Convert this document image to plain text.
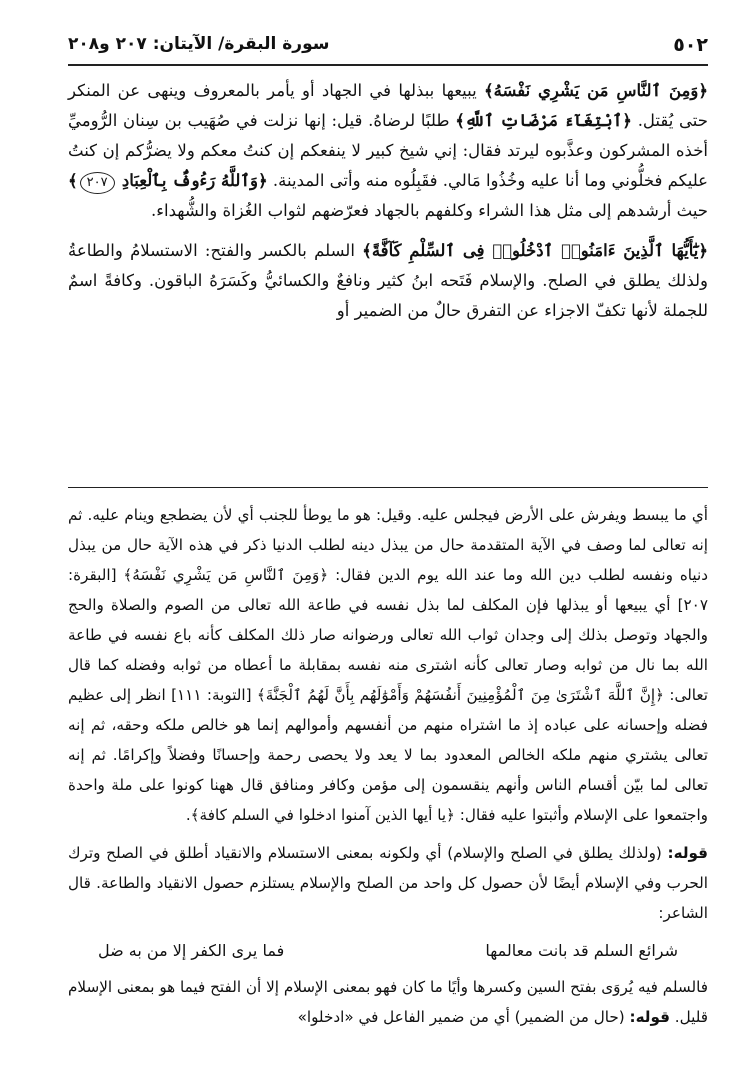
٥٠٢
سورة البقرة/ الآيتان: ٢٠٧ و٢٠٨

﴿وَمِنَ ٱلنَّاسِ مَن يَشْرِي نَفْسَهُ﴾ يبيعها ببذلها في الجهاد أو يأمر بالمعروف وينهى عن المنكر حتى يُقتل. ﴿ٱبْتِغَآءَ مَرْضَاتِ ٱللَّهِ﴾ طلبًا لرضاهُ. قيل: إنها نزلت في صُهَيب بن سِنان الرُّوميِّ أخذه المشركون وعذَّبوه ليرتد فقال: إني شيخ كبير لا ينفعكم إن كنتُ معكم ولا يضرُّكم إن كنتُ عليكم فخلُّوني وما أنا عليه وخُذُوا مَالي. فقَبِلُوه منه وأتى المدينة. ﴿وَٱللَّهُ رَءُوفٌۢ بِٱلْعِبَادِ ٢٠٧﴾ حيث أرشدهم إلى مثل هذا الشراء وكلفهم بالجهاد فعرّضهم لثواب الغُزاة والشُّهداء.

﴿يَٰٓأَيُّهَا ٱلَّذِينَ ءَامَنُوا۟ ٱدْخُلُوا۟ فِى ٱلسِّلْمِ كَآفَّةً﴾ السلم بالكسر والفتح: الاستسلامُ والطاعةُ ولذلك يطلق في الصلح. والإسلام فَتَحه ابنُ كثير ونافعٌ والكسائيُّ وكَسَرَهُ الباقون. وكافةً اسمٌ للجملة لأنها تكفّ الاجزاء عن التفرق حالٌ من الضمير أو

أي ما يبسط ويفرش على الأرض فيجلس عليه. وقيل: هو ما يوطأ للجنب أي لأن يضطجع وينام عليه. ثم إنه تعالى لما وصف في الآية المتقدمة حال من يبذل دينه لطلب الدنيا ذكر في هذه الآية حال من يبذل دنياه ونفسه لطلب دين الله وما عند الله يوم الدين فقال: ﴿وَمِنَ ٱلنَّاسِ مَن يَشْرِي نَفْسَهُ﴾ [البقرة: ٢٠٧] أي يبيعها أو يبذلها فإن المكلف لما بذل نفسه في طاعة الله تعالى من الصوم والصلاة والحج والجهاد وتوصل بذلك إلى وجدان ثواب الله تعالى ورضوانه صار ذلك المكلف كأنه باع نفسه في طاعة الله بما نال من ثوابه وصار تعالى كأنه اشترى منه نفسه بمقابلة ما أعطاه من ثوابه وفضله كما قال تعالى: ﴿إِنَّ ٱللَّهَ ٱشْتَرَىٰ مِنَ ٱلْمُؤْمِنِينَ أَنفُسَهُمْ وَأَمْوَٰلَهُم بِأَنَّ لَهُمُ ٱلْجَنَّةَ﴾ [التوبة: ١١١] انظر إلى عظيم فضله وإحسانه على عباده إذ ما اشتراه منهم من أنفسهم وأموالهم إنما هو خالص ملكه وحقه، ثم إنه تعالى يشتري منهم ملكه الخالص المعدود بما لا يعد ولا يحصى رحمة وإحسانًا وفضلاً وإكرامًا. ثم إنه تعالى لما بيّن أقسام الناس وأنهم ينقسمون إلى مؤمن وكافر ومنافق قال ههنا كونوا على ملة واحدة واجتمعوا على الإسلام وأثبتوا عليه فقال: ﴿يا أيها الذين آمنوا ادخلوا في السلم كافة﴾.

قوله: (ولذلك يطلق في الصلح والإسلام) أي ولكونه بمعنى الاستسلام والانقياد أطلق في الصلح وترك الحرب وفي الإسلام أيضًا لأن حصول كل واحد من الصلح والإسلام يستلزم حصول الانقياد والطاعة. قال الشاعر:

شرائع السلم قد بانت معالمها
فما يرى الكفر إلا من به ضل

فالسلم فيه يُروَى بفتح السين وكسرها وأيًا ما كان فهو بمعنى الإسلام إلا أن الفتح فيما هو بمعنى الإسلام قليل. قوله: (حال من الضمير) أي من ضمير الفاعل في «ادخلوا»
